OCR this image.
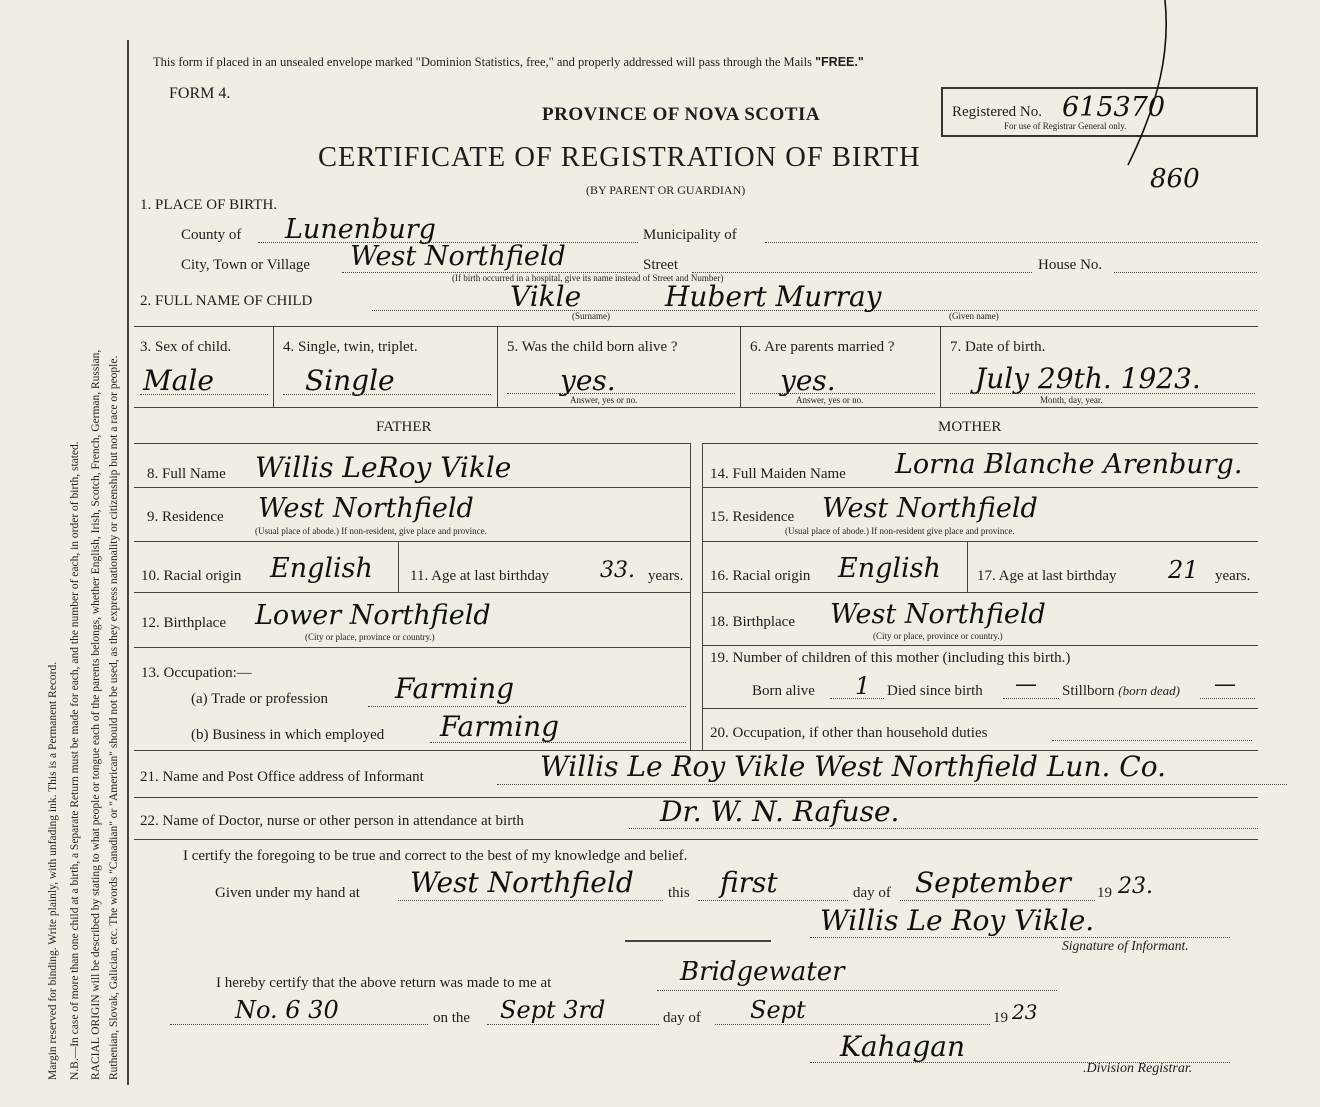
Margin reserved for binding. Write plainly, with unfading ink. This is a Permanent Record. N.B.—In case of more than one child at a birth, a Separate Return must be made for each, and the number of each, in order of birth, stated. RACIAL ORIGIN will be described by stating to what people or tongue each of the parents belongs, whether English, Irish, Scotch, French, German, Russian, Ruthenian, Slovak, Galician, etc. The words "Canadian" or "American" should not be used, as they express nationality or citizenship but not a race or people.
This form if placed in an unsealed envelope marked "Dominion Statistics, free," and properly addressed will pass through the Mails "FREE."
FORM 4.
PROVINCE OF NOVA SCOTIA
CERTIFICATE OF REGISTRATION OF BIRTH
(BY PARENT OR GUARDIAN)
Registered No. 615370
For use of Registrar General only.
860
1. PLACE OF BIRTH.
County of Lunenburg	Municipality of
City, Town or Village West Northfield	Street	House No.
(If birth occurred in a hospital, give its name instead of Street and Number)
2. FULL NAME OF CHILD	Vikle	Hubert Murray
(Surname)	(Given name)
3. Sex of child.
Male
4. Single, twin, triplet.
Single
5. Was the child born alive ?
yes.
Answer, yes or no.
6. Are parents married ?
yes.
Answer, yes or no.
7. Date of birth.
July 29th. 1923.
Month, day, year.
FATHER	MOTHER
8. Full Name Willis LeRoy Vikle
9. Residence West Northfield
(Usual place of abode.) If non-resident, give place and province.
10. Racial origin English 11. Age at last birthday 33. years.
12. Birthplace Lower Northfield
(City or place, province or country.)
13. Occupation:—
(a) Trade or profession Farming
(b) Business in which employed Farming
14. Full Maiden Name Lorna Blanche Arenburg.
15. Residence West Northfield
(Usual place of abode.) If non-resident give place and province.
16. Racial origin English 17. Age at last birthday 21 years.
18. Birthplace West Northfield
(City or place, province or country.)
19. Number of children of this mother (including this birth.)
Born alive 1 Died since birth — Stillborn (born dead) —
20. Occupation, if other than household duties
21. Name and Post Office address of Informant	Willis Le Roy Vikle West Northfield Lun. Co.
22. Name of Doctor, nurse or other person in attendance at birth	Dr. W. N. Rafuse.
I certify the foregoing to be true and correct to the best of my knowledge and belief.
Given under my hand at West Northfield this first	day of September 19 23.
Willis Le Roy Vikle.
Signature of Informant.
I hereby certify that the above return was made to me at	Bridgewater
No. 6 30	on the Sept 3rd	day of Sept	19 23
Kahagan
.Division Registrar.
